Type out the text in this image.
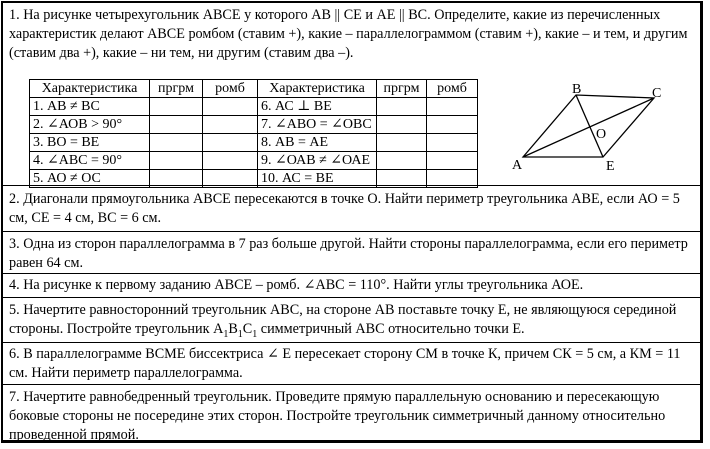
1. На рисунке четырехугольник АВСЕ у которого АВ || СЕ и АЕ || ВС. Определите, какие из перечисленных характеристик делают АВСЕ ромбом (ставим +), какие – параллелограммом (ставим +), какие – и тем, и другим (ставим два +), какие – ни тем, ни другим (ставим два –).

Характеристика	пргрм	ромб	Характеристика	пргрм	ромб
1. АВ ≠ ВС			6. АС ⊥ ВЕ		
2. ∠АОВ > 90°			7. ∠АВО = ∠ОВС		
3. ВО = ВЕ			8. АВ = АЕ		
4. ∠АВС = 90°			9. ∠ОАВ ≠ ∠ОАЕ		
5. АО ≠ ОС			10. АС = ВЕ		
A
B	C
E
O

2. Диагонали прямоугольника АВСЕ пересекаются в точке О. Найти периметр треугольника АВЕ, если АО = 5 см, СЕ = 4 см, ВС = 6 см.

3. Одна из сторон параллелограмма в 7 раз больше другой. Найти стороны параллелограмма, если его периметр равен 64 см.

4. На рисунке к первому заданию АВСЕ – ромб. ∠АВС = 110°. Найти углы треугольника АОЕ.

5. Начертите равносторонний треугольник АВС, на стороне АВ поставьте точку Е, не являющуюся серединой стороны. Постройте треугольник $А_1В_1С_1$ симметричный АВС относительно точки Е.

6. В параллелограмме ВСМЕ биссектриса ∠ Е пересекает сторону СМ в точке К, причем СК = 5 см, а КМ = 11 см. Найти периметр параллелограмма.

7. Начертите равнобедренный треугольник. Проведите прямую параллельную основанию и пересекающую боковые стороны не посередине этих сторон. Постройте треугольник симметричный данному относительно проведенной прямой.
